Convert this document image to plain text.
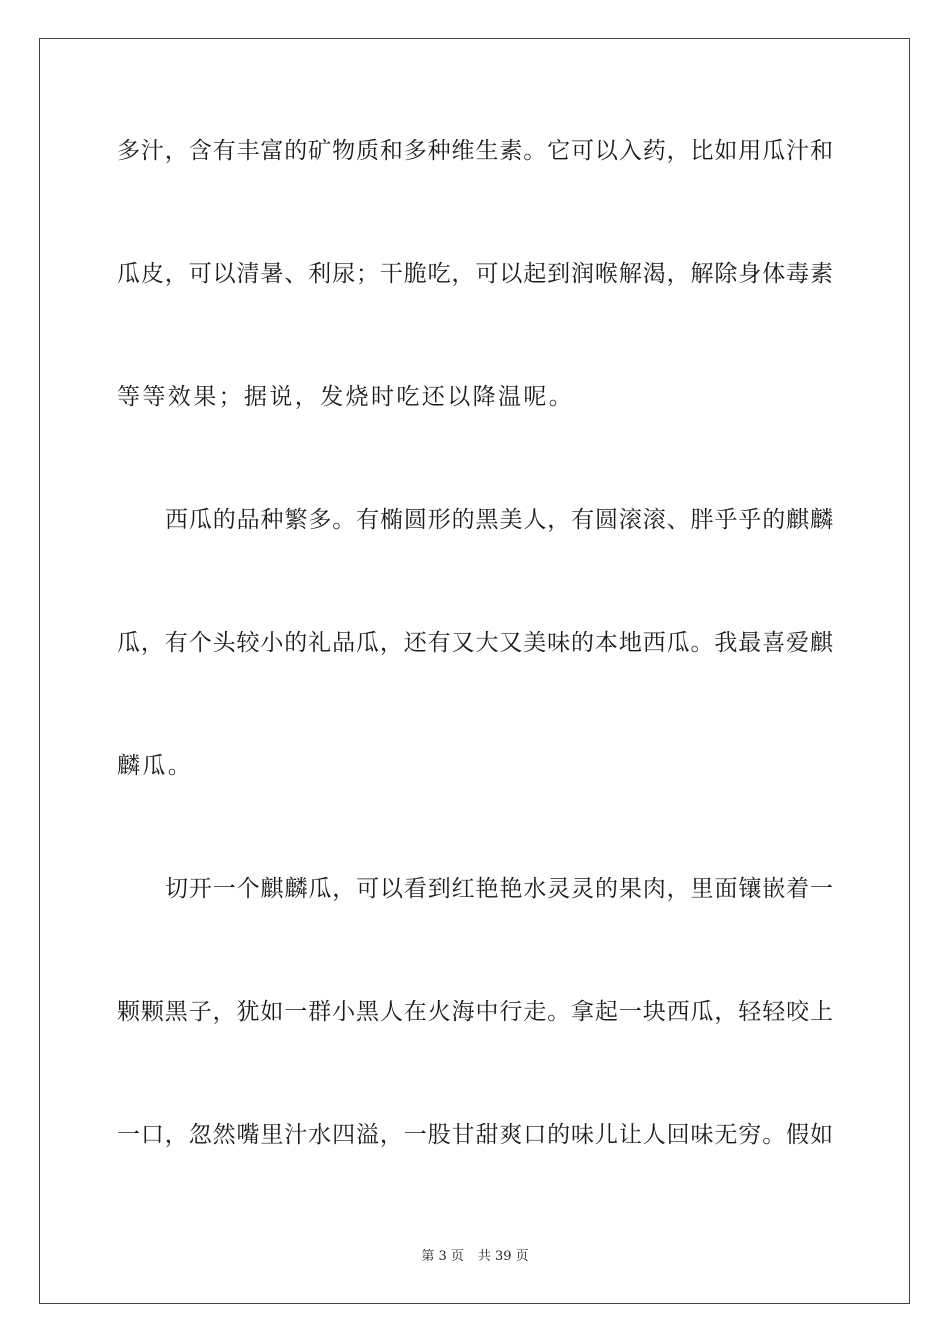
多汁，含有丰富的矿物质和多种维生素。它可以入药，比如用瓜汁和
瓜皮，可以清暑、利尿；干脆吃，可以起到润喉解渴，解除身体毒素
等等效果；据说，发烧时吃还以降温呢。
西瓜的品种繁多。有椭圆形的黑美人，有圆滚滚、胖乎乎的麒麟
瓜，有个头较小的礼品瓜，还有又大又美味的本地西瓜。我最喜爱麒
麟瓜。
切开一个麒麟瓜，可以看到红艳艳水灵灵的果肉，里面镶嵌着一
颗颗黑子，犹如一群小黑人在火海中行走。拿起一块西瓜，轻轻咬上
一口，忽然嘴里汁水四溢，一股甘甜爽口的味儿让人回味无穷。假如
第 3 页 共 39 页
